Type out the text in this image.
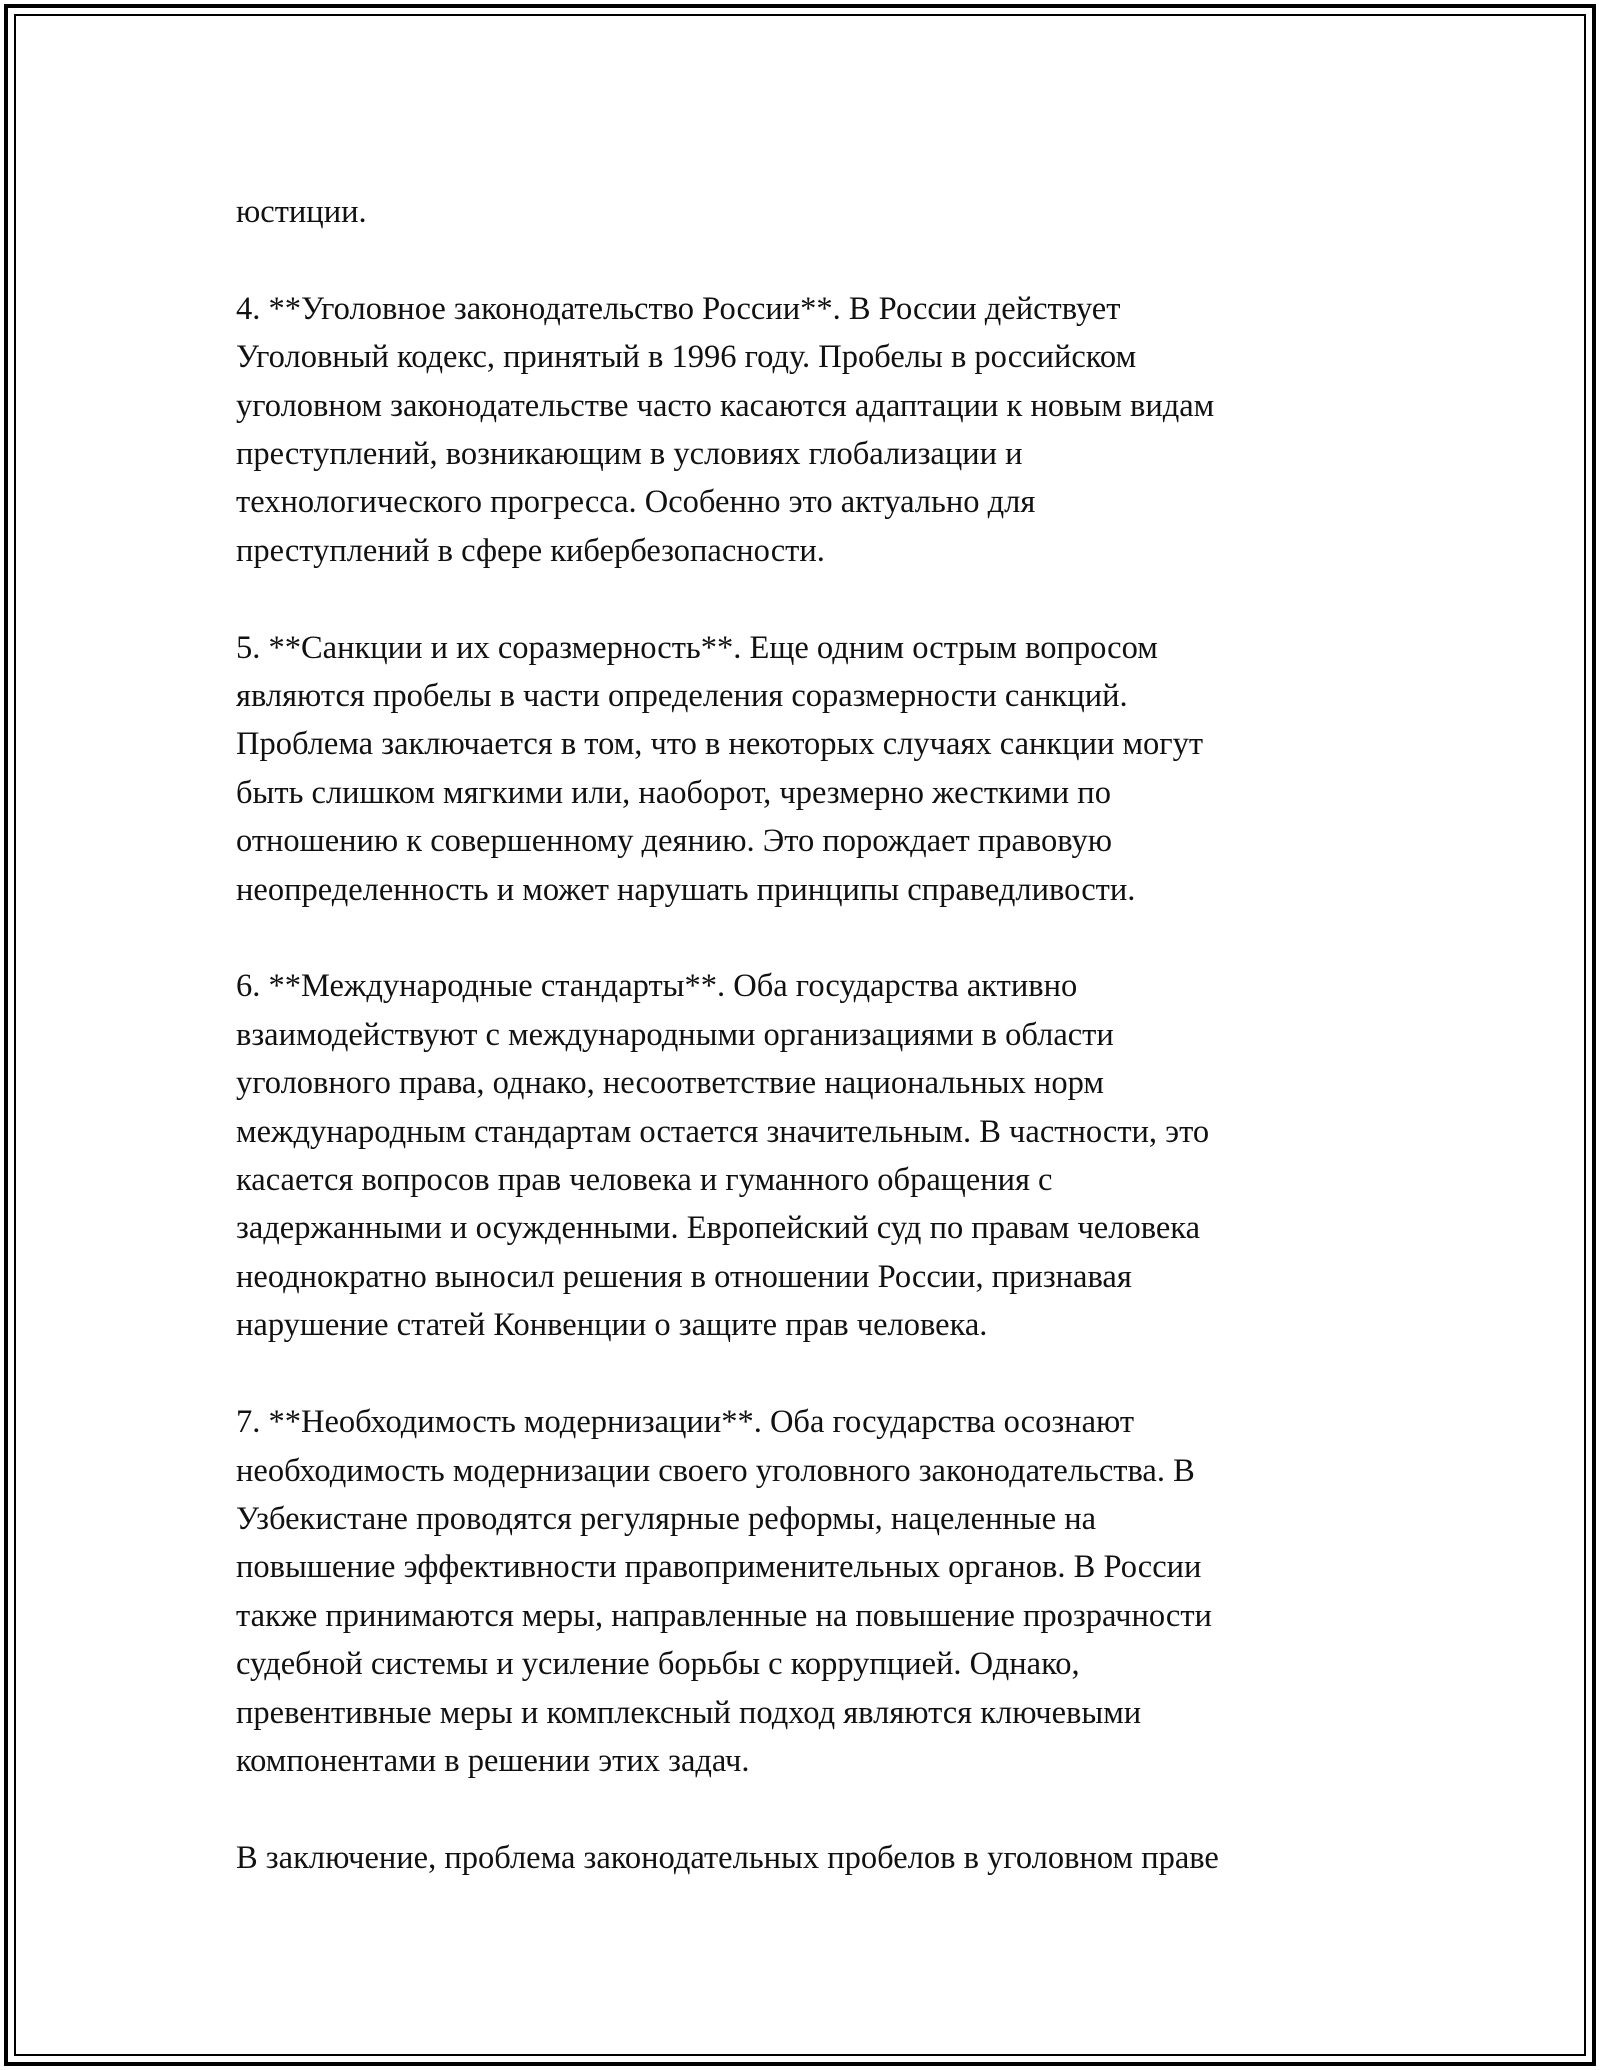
юстиции.

4. **Уголовное законодательство России**. В России действует
Уголовный кодекс, принятый в 1996 году. Пробелы в российском
уголовном законодательстве часто касаются адаптации к новым видам
преступлений, возникающим в условиях глобализации и
технологического прогресса. Особенно это актуально для
преступлений в сфере кибербезопасности.

5. **Санкции и их соразмерность**. Еще одним острым вопросом
являются пробелы в части определения соразмерности санкций.
Проблема заключается в том, что в некоторых случаях санкции могут
быть слишком мягкими или, наоборот, чрезмерно жесткими по
отношению к совершенному деянию. Это порождает правовую
неопределенность и может нарушать принципы справедливости.

6. **Международные стандарты**. Оба государства активно
взаимодействуют с международными организациями в области
уголовного права, однако, несоответствие национальных норм
международным стандартам остается значительным. В частности, это
касается вопросов прав человека и гуманного обращения с
задержанными и осужденными. Европейский суд по правам человека
неоднократно выносил решения в отношении России, признавая
нарушение статей Конвенции о защите прав человека.

7. **Необходимость модернизации**. Оба государства осознают
необходимость модернизации своего уголовного законодательства. В
Узбекистане проводятся регулярные реформы, нацеленные на
повышение эффективности правоприменительных органов. В России
также принимаются меры, направленные на повышение прозрачности
судебной системы и усиление борьбы с коррупцией. Однако,
превентивные меры и комплексный подход являются ключевыми
компонентами в решении этих задач.

В заключение, проблема законодательных пробелов в уголовном праве
